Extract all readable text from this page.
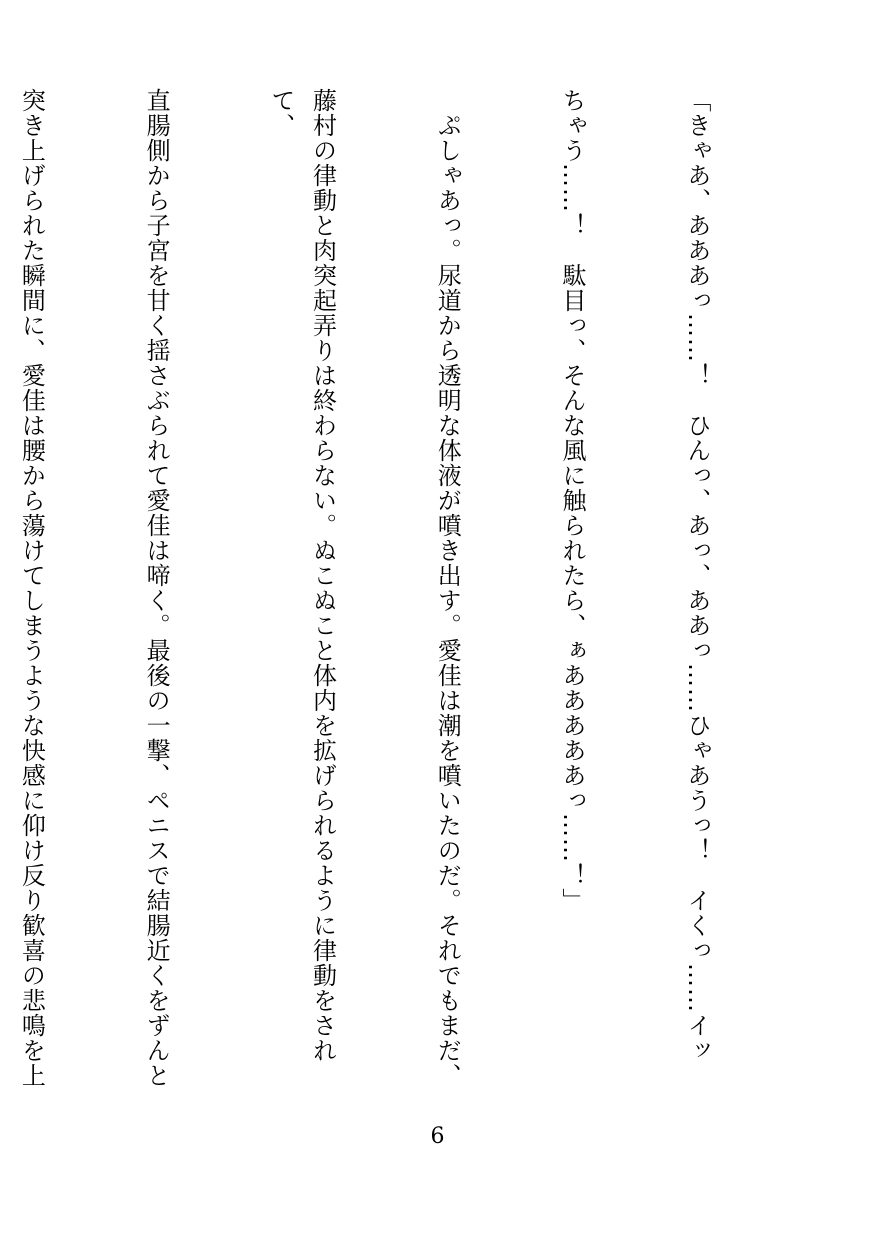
「きゃあ、あああっ……！　ひんっ、あっ、ああっ……ひゃあうっ！　イくっ……イッ

ちゃう……！　駄目っ、そんな風に触られたら、ぁあああああっ……！」

　ぷしゃあっ。尿道から透明な体液が噴き出す。愛佳は潮を噴いたのだ。それでもまだ、

藤村の律動と肉突起弄りは終わらない。ぬこぬこと体内を拡げられるように律動をされて、

直腸側から子宮を甘く揺さぶられて愛佳は啼く。最後の一撃、ペニスで結腸近くをずんと

突き上げられた瞬間に、愛佳は腰から蕩けてしまうような快感に仰け反り歓喜の悲鳴を上

6
